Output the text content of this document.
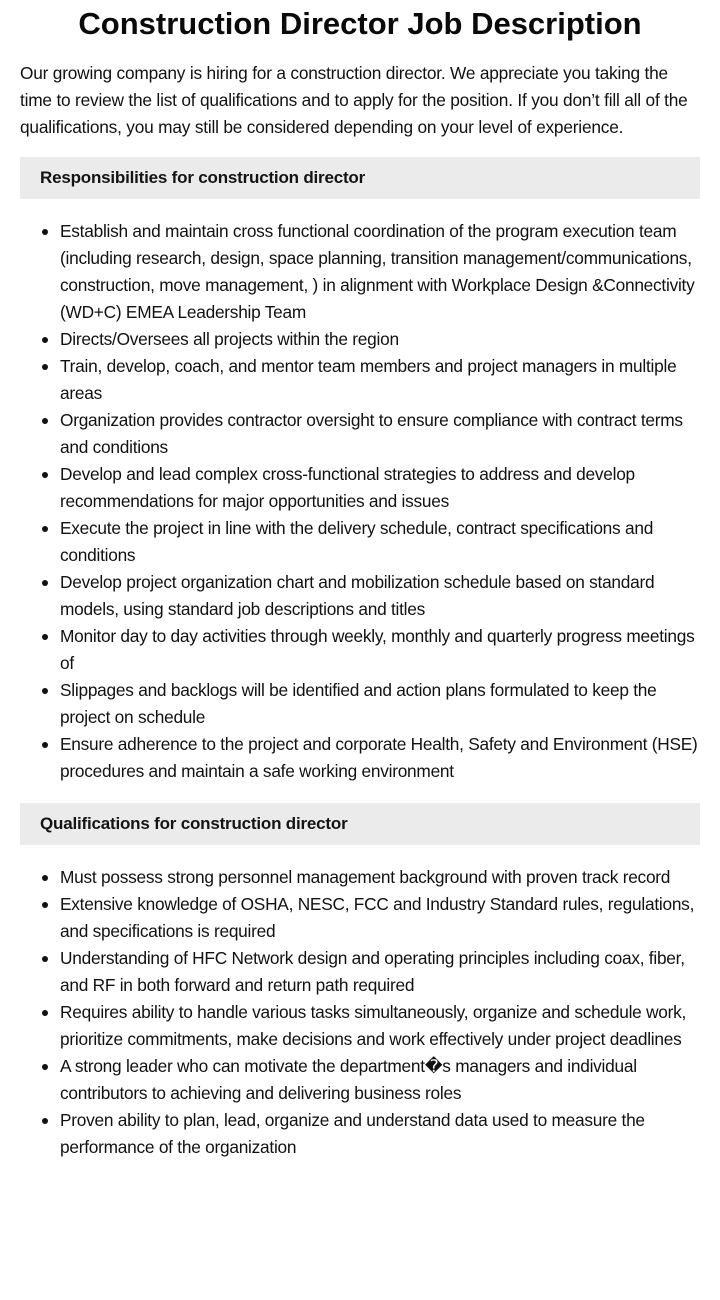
Construction Director Job Description

Our growing company is hiring for a construction director. We appreciate you taking the time to review the list of qualifications and to apply for the position. If you don’t fill all of the qualifications, you may still be considered depending on your level of experience.

Responsibilities for construction director
Establish and maintain cross functional coordination of the program execution team (including research, design, space planning, transition management/communications, construction, move management, ) in alignment with Workplace Design &Connectivity (WD+C) EMEA Leadership Team
Directs/Oversees all projects within the region
Train, develop, coach, and mentor team members and project managers in multiple areas
Organization provides contractor oversight to ensure compliance with contract terms and conditions
Develop and lead complex cross-functional strategies to address and develop recommendations for major opportunities and issues
Execute the project in line with the delivery schedule, contract specifications and conditions
Develop project organization chart and mobilization schedule based on standard models, using standard job descriptions and titles
Monitor day to day activities through weekly, monthly and quarterly progress meetings of
Slippages and backlogs will be identified and action plans formulated to keep the project on schedule
Ensure adherence to the project and corporate Health, Safety and Environment (HSE) procedures and maintain a safe working environment
Qualifications for construction director
Must possess strong personnel management background with proven track record
Extensive knowledge of OSHA, NESC, FCC and Industry Standard rules, regulations, and specifications is required
Understanding of HFC Network design and operating principles including coax, fiber, and RF in both forward and return path required
Requires ability to handle various tasks simultaneously, organize and schedule work, prioritize commitments, make decisions and work effectively under project deadlines
A strong leader who can motivate the department�s managers and individual contributors to achieving and delivering business roles
Proven ability to plan, lead, organize and understand data used to measure the performance of the organization
